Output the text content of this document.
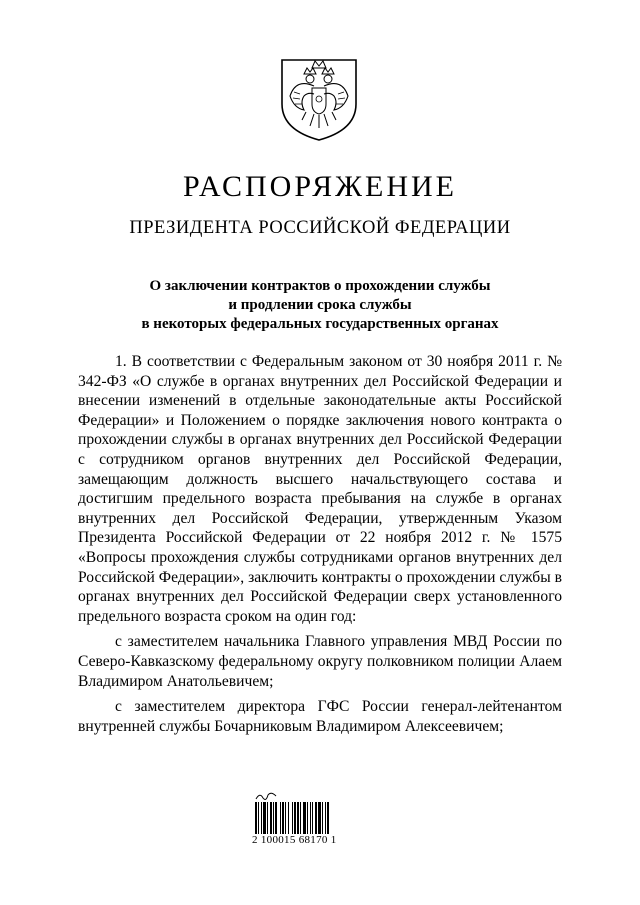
РАСПОРЯЖЕНИЕ
ПРЕЗИДЕНТА РОССИЙСКОЙ ФЕДЕРАЦИИ
О заключении контрактов о прохождении службы
и продлении срока службы
в некоторых федеральных государственных органах

1. В соответствии с Федеральным законом от 30 ноября 2011 г. № 342-ФЗ «О службе в органах внутренних дел Российской Федерации и внесении изменений в отдельные законодательные акты Российской Федерации» и Положением о порядке заключения нового контракта о прохождении службы в органах внутренних дел Российской Федерации с сотрудником органов внутренних дел Российской Федерации, замещающим должность высшего начальствующего состава и достигшим предельного возраста пребывания на службе в органах внутренних дел Российской Федерации, утвержденным Указом Президента Российской Федерации от 22 ноября 2012 г. № 1575 «Вопросы прохождения службы сотрудниками органов внутренних дел Российской Федерации», заключить контракты о прохождении службы в органах внутренних дел Российской Федерации сверх установленного предельного возраста сроком на один год:

с заместителем начальника Главного управления МВД России по Северо-Кавказскому федеральному округу полковником полиции Алаем Владимиром Анатольевичем;

с заместителем директора ГФС России генерал-лейтенантом внутренней службы Бочарниковым Владимиром Алексеевичем;

2 100015 68170 1
